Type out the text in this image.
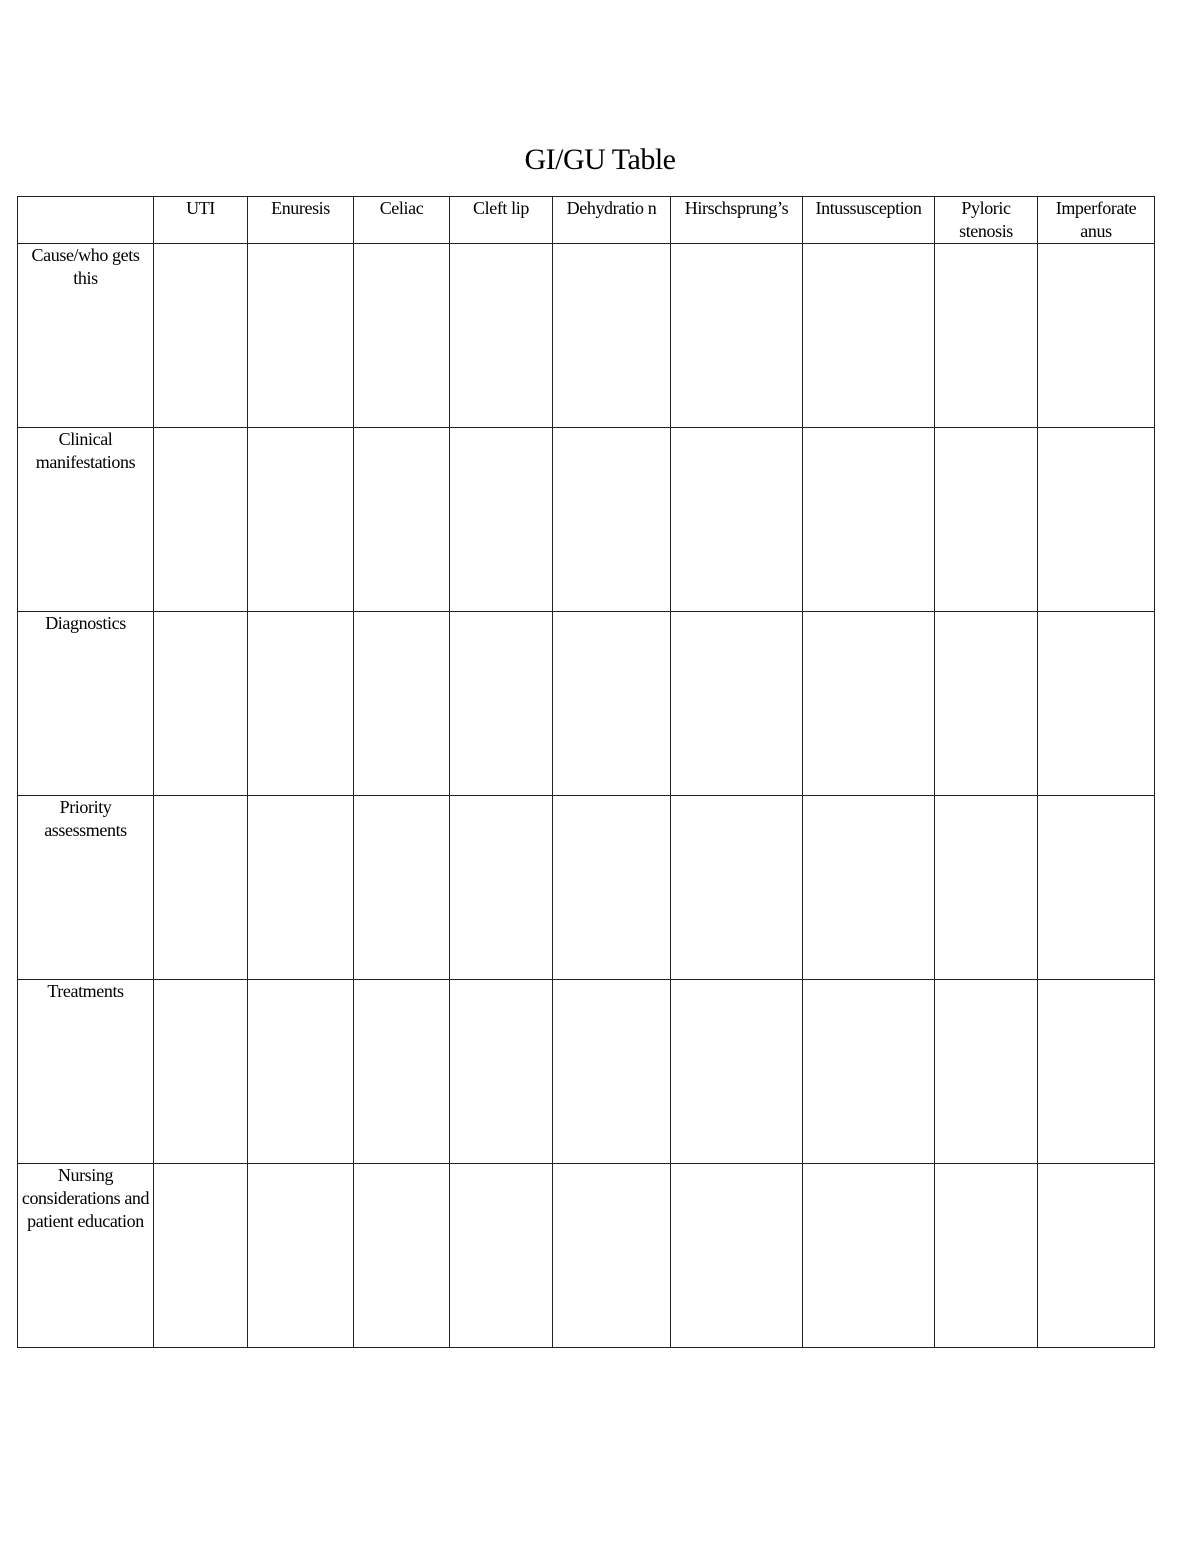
GI/GU Table
	UTI	Enuresis	Celiac	Cleft lip	Dehydratio n	Hirschsprung’s	Intussusception	Pyloric stenosis	Imperforate anus
Cause/who gets this									
Clinical manifestations									
Diagnostics									
Priority assessments									
Treatments									
Nursing considerations and patient education									
